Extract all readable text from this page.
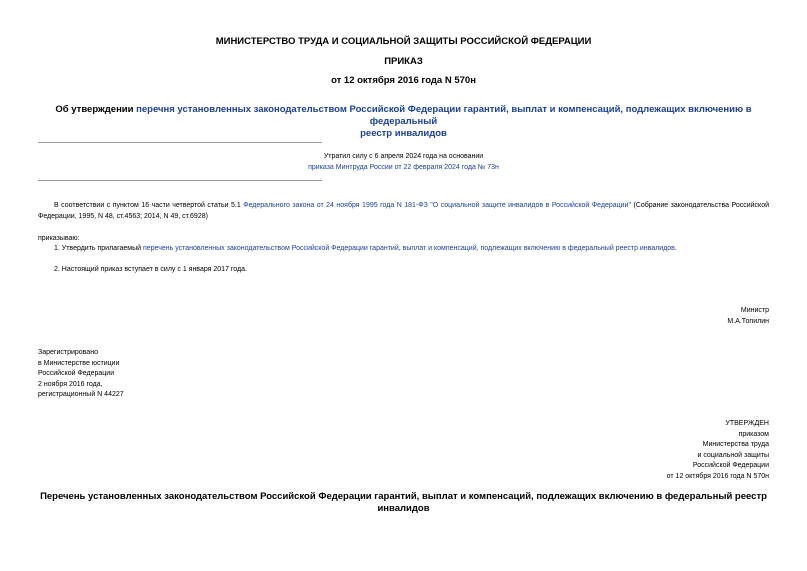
МИНИСТЕРСТВО ТРУДА И СОЦИАЛЬНОЙ ЗАЩИТЫ РОССИЙСКОЙ ФЕДЕРАЦИИ
ПРИКАЗ
от 12 октября 2016 года N 570н
Об утверждении перечня установленных законодательством Российской Федерации гарантий, выплат и компенсаций, подлежащих включению в федеральный
реестр инвалидов
Утратил силу с 6 апреля 2024 года на основании
приказа Минтруда России от 22 февраля 2024 года № 73н
В соответствии с пунктом 16 части четвертой статьи 5.1 Федерального закона от 24 ноября 1995 года N 181-ФЗ "О социальной защите инвалидов в Российской Федерации" (Собрание законодательства Российской Федерации, 1995, N 48, ст.4563; 2014, N 49, ст.6928)
приказываю:
1. Утвердить прилагаемый перечень установленных законодательством Российской Федерации гарантий, выплат и компенсаций, подлежащих включению в федеральный реестр инвалидов.
2. Настоящий приказ вступает в силу с 1 января 2017 года.
Министр
М.А.Топилин
Зарегистрировано
в Министерстве юстиции
Российской Федерации
2 ноября 2016 года,
регистрационный N 44227
УТВЕРЖДЕН
приказом
Министерства труда
и социальной защиты
Российской Федерации
от 12 октября 2016 года N 570н
Перечень установленных законодательством Российской Федерации гарантий, выплат и компенсаций, подлежащих включению в федеральный реестр
инвалидов
